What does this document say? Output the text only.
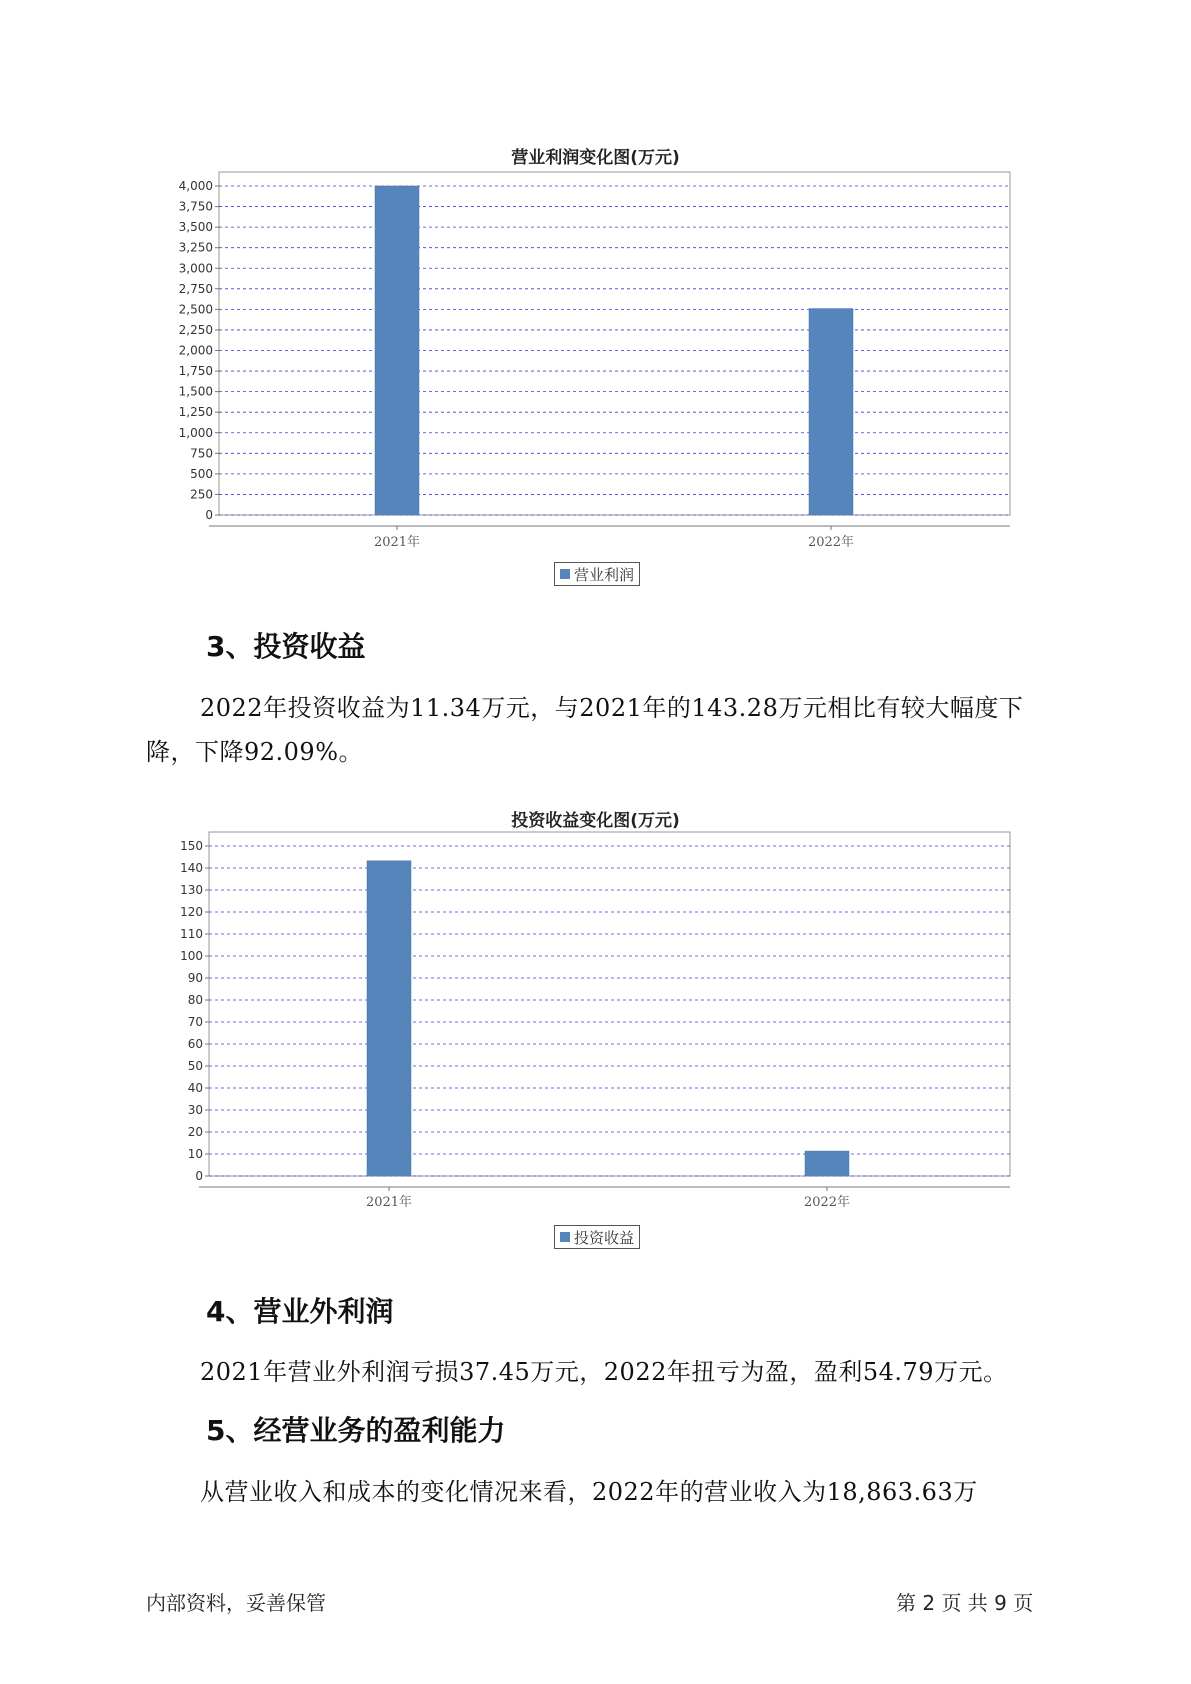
营业利润变化图(万元)
0
250
500
750
1,000
1,250
1,500
1,750
2,000
2,250
2,500
2,750
3,000
3,250
3,500
3,750
4,000
2021年	2022年
营业利润
3、投资收益

2022年投资收益为11.34万元，与2021年的143.28万元相比有较大幅度下降，下降92.09%。

投资收益变化图(万元)
0
10
20
30
40
50
60
70
80
90
100
110
120
130
140
150
2021年	2022年
投资收益
4、营业外利润

2021年营业外利润亏损37.45万元，2022年扭亏为盈，盈利54.79万元。

5、经营业务的盈利能力

从营业收入和成本的变化情况来看，2022年的营业收入为18,863.63万

内部资料，妥善保管	第 2 页 共 9 页
